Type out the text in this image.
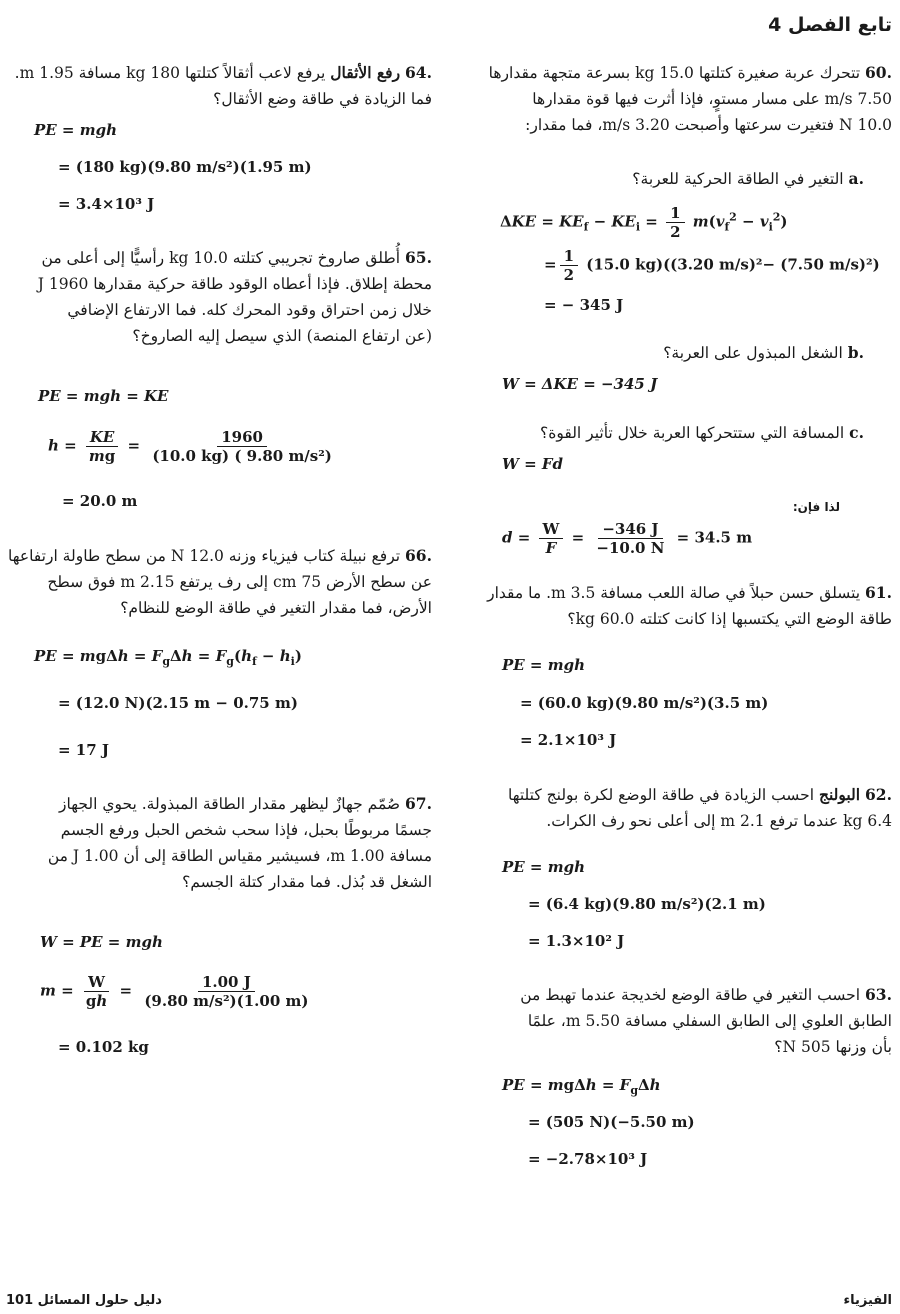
تابع الفصل 4
.60 تتحرك عربة صغيرة كتلتها 15.0 kg بسرعة متجهة مقدارها
7.50 m/s على مسار مستوٍ، فإذا أثرت فيها قوة مقدارها
10.0 N فتغيرت سرعتها وأصبحت 3.20 m/s، فما مقدار:
.a التغير في الطاقة الحركية للعربة؟
$\Delta KE = KE_f - KE_i = \frac{1}{2} m(v_f^2 - v_i^2)$
= $\frac{1}{2} (15.0$ kg)((3.20 m/s)²− (7.50 m/s)²)
= − 345 J
.b الشغل المبذول على العربة؟
W = ΔKE = −345 J
.c المسافة التي ستتحركها العربة خلال تأثير القوة؟
W = Fd
لذا فإن:
$d = \frac{W}{F} = \frac{-346 J}{-10.0 N} = 34.5$ m
.61 يتسلق حسن حبلاً في صالة اللعب مسافة 3.5 m. ما مقدار
طاقة الوضع التي يكتسبها إذا كانت كتلته 60.0 kg؟
PE = mgh
= (60.0 kg)(9.80 m/s²)(3.5 m)
= 2.1×10³ J
.62 البولنج احسب الزيادة في طاقة الوضع لكرة بولنج كتلتها
6.4 kg عندما ترفع 2.1 m إلى أعلى نحو رف الكرات.
PE = mgh
= (6.4 kg)(9.80 m/s²)(2.1 m)
= 1.3×10² J
.63 احسب التغير في طاقة الوضع لخديجة عندما تهبط من
الطابق العلوي إلى الطابق السفلي مسافة 5.50 m، علمًا
بأن وزنها 505 N؟
PE = $mg\Delta h = F_g\Delta h$
= (505 N)(−5.50 m)
= −2.78×10³ J
.64 رفع الأثقال يرفع لاعب أثقالاً كتلتها 180 kg مسافة 1.95 m.
فما الزيادة في طاقة وضع الأثقال؟
PE = mgh
= (180 kg)(9.80 m/s²)(1.95 m)
= 3.4×10³ J
.65 أُطلق صاروخ تجريبي كتلته 10.0 kg رأسيًّا إلى أعلى من
محطة إطلاق. فإذا أعطاه الوقود طاقة حركية مقدارها 1960 J
خلال زمن احتراق وقود المحرك كله. فما الارتفاع الإضافي
(عن ارتفاع المنصة) الذي سيصل إليه الصاروخ؟
PE = mgh = KE
$h = \frac{KE}{mg} = \frac{1960}{\text{(10.0 kg) ( 9.80 m/s²)}}$
= 20.0 m
.66 ترفع نبيلة كتاب فيزياء وزنه 12.0 N من سطح طاولة ارتفاعها
عن سطح الأرض 75 cm إلى رف يرتفع 2.15 m فوق سطح
الأرض، فما مقدار التغير في طاقة الوضع للنظام؟
PE = $mg\Delta h = F_g\Delta h = F_g(h_f - h_i)$
= (12.0 N)(2.15 m − 0.75 m)
= 17 J
.67 صُمّم جهازٌ ليظهر مقدار الطاقة المبذولة. يحوي الجهاز
جسمًا مربوطًا بحبل، فإذا سحب شخص الحبل ورفع الجسم
مسافة 1.00 m، فسيشير مقياس الطاقة إلى أن 1.00 J من
الشغل قد بُذل. فما مقدار كتلة الجسم؟
W = PE = mgh
$m = \frac{W}{gh} = \frac{1.00 J}{\text{(9.80 m/s²)(1.00 m)}}$
= 0.102 kg
دليل حلول المسائل 101	الفيزياء
